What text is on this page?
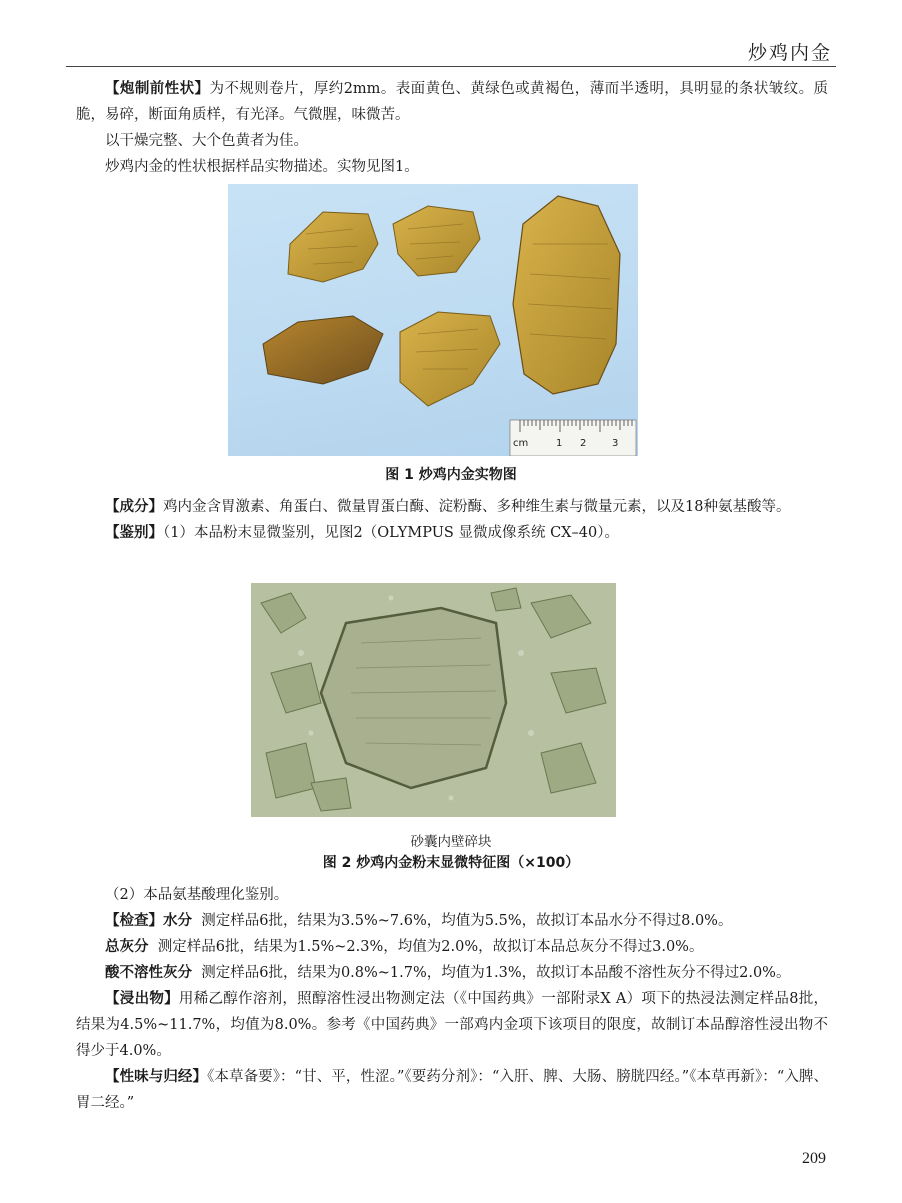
炒鸡内金

【炮制前性状】为不规则卷片，厚约2mm。表面黄色、黄绿色或黄褐色，薄而半透明，具明显的条状皱纹。质脆，易碎，断面角质样，有光泽。气微腥，味微苦。

以干燥完整、大个色黄者为佳。

炒鸡内金的性状根据样品实物描述。实物见图1。

cm	1 2	3
图 1 炒鸡内金实物图

【成分】鸡内金含胃激素、角蛋白、微量胃蛋白酶、淀粉酶、多种维生素与微量元素，以及18种氨基酸等。

【鉴别】（1）本品粉末显微鉴别，见图2（OLYMPUS 显微成像系统 CX–40）。

砂囊内壁碎块
图 2 炒鸡内金粉末显微特征图（×100）

（2）本品氨基酸理化鉴别。

【检查】水分 测定样品6批，结果为3.5%~7.6%，均值为5.5%，故拟订本品水分不得过8.0%。

总灰分 测定样品6批，结果为1.5%~2.3%，均值为2.0%，故拟订本品总灰分不得过3.0%。

酸不溶性灰分 测定样品6批，结果为0.8%~1.7%，均值为1.3%，故拟订本品酸不溶性灰分不得过2.0%。

【浸出物】用稀乙醇作溶剂，照醇溶性浸出物测定法（《中国药典》一部附录Ⅹ A）项下的热浸法测定样品8批，结果为4.5%~11.7%，均值为8.0%。参考《中国药典》一部鸡内金项下该项目的限度，故制订本品醇溶性浸出物不得少于4.0%。

【性味与归经】《本草备要》：“甘、平，性涩。”《要药分剂》：“入肝、脾、大肠、膀胱四经。”《本草再新》：“入脾、胃二经。”

209
